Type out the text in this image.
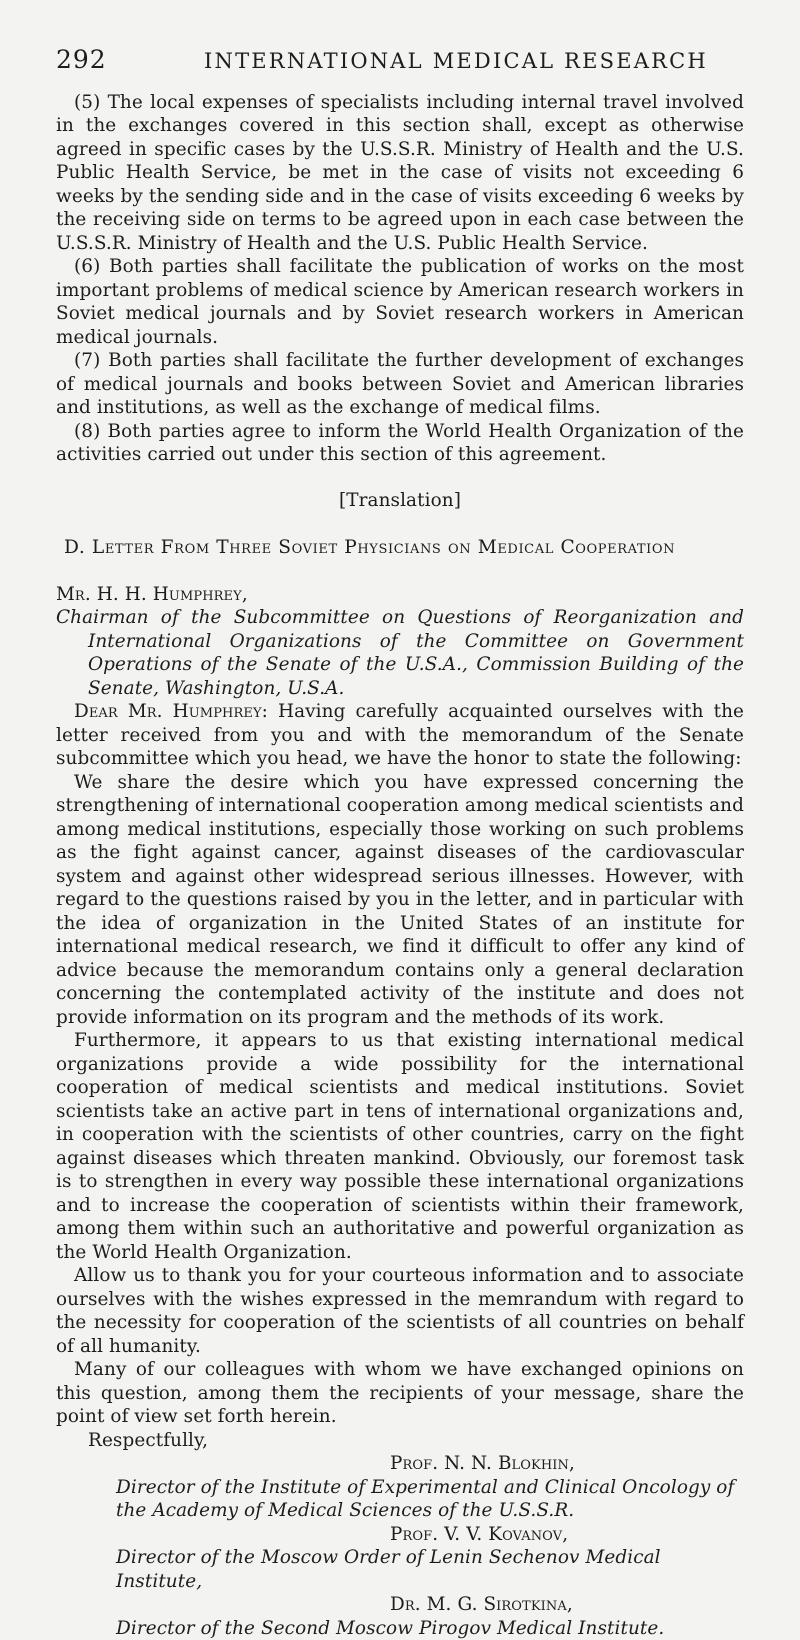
292	INTERNATIONAL MEDICAL RESEARCH

(5) The local expenses of specialists including internal travel involved in the exchanges covered in this section shall, except as otherwise agreed in specific cases by the U.S.S.R. Ministry of Health and the U.S. Public Health Service, be met in the case of visits not exceeding 6 weeks by the sending side and in the case of visits exceeding 6 weeks by the receiving side on terms to be agreed upon in each case between the U.S.S.R. Ministry of Health and the U.S. Public Health Service.

(6) Both parties shall facilitate the publication of works on the most important problems of medical science by American research workers in Soviet medical journals and by Soviet research workers in American medical journals.

(7) Both parties shall facilitate the further development of exchanges of medical journals and books between Soviet and American libraries and institutions, as well as the exchange of medical films.

(8) Both parties agree to inform the World Health Organization of the activities carried out under this section of this agreement.

[Translation]

D. Letter From Three Soviet Physicians on Medical Cooperation

Mr. H. H. Humphrey,

Chairman of the Subcommittee on Questions of Reorganization and International Organizations of the Committee on Government Operations of the Senate of the U.S.A., Commission Building of the Senate, Washington, U.S.A.

Dear Mr. Humphrey: Having carefully acquainted ourselves with the letter received from you and with the memorandum of the Senate subcommittee which you head, we have the honor to state the following:

We share the desire which you have expressed concerning the strengthening of international cooperation among medical scientists and among medical institutions, especially those working on such problems as the fight against cancer, against diseases of the cardiovascular system and against other widespread serious illnesses. However, with regard to the questions raised by you in the letter, and in particular with the idea of organization in the United States of an institute for international medical research, we find it difficult to offer any kind of advice because the memorandum contains only a general declaration concerning the contemplated activity of the institute and does not provide information on its program and the methods of its work.

Furthermore, it appears to us that existing international medical organizations provide a wide possibility for the international cooperation of medical scientists and medical institutions. Soviet scientists take an active part in tens of international organizations and, in cooperation with the scientists of other countries, carry on the fight against diseases which threaten mankind. Obviously, our foremost task is to strengthen in every way possible these international organizations and to increase the cooperation of scientists within their framework, among them within such an authoritative and powerful organization as the World Health Organization.

Allow us to thank you for your courteous information and to associate ourselves with the wishes expressed in the memrandum with regard to the necessity for cooperation of the scientists of all countries on behalf of all humanity.

Many of our colleagues with whom we have exchanged opinions on this question, among them the recipients of your message, share the point of view set forth herein.

Respectfully,

Prof. N. N. Blokhin,

Director of the Institute of Experimental and Clinical Oncology of the Academy of Medical Sciences of the U.S.S.R.

Prof. V. V. Kovanov,

Director of the Moscow Order of Lenin Sechenov Medical Institute,

Dr. M. G. Sirotkina,

Director of the Second Moscow Pirogov Medical Institute.
